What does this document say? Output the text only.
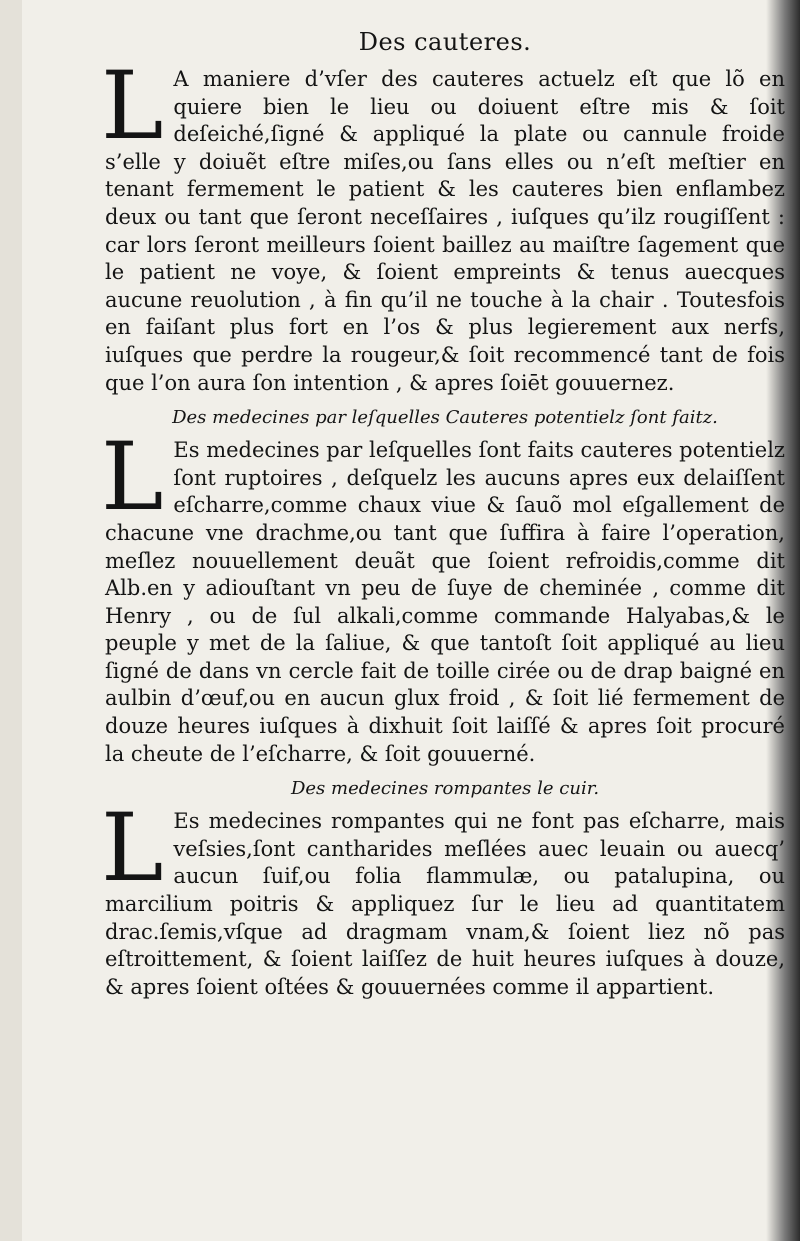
Des cauteres.

L A maniere d’vſer des cauteres actuelz eſt que lõ en quiere bien le lieu ou doiuent eſtre mis & ſoit deſeiché,ſigné & appliqué la plate ou cannule froide s’elle y doiuẽt eſtre miſes,ou ſans elles ou n’eſt meſtier en tenant fermement le patient & les cauteres bien enflambez deux ou tant que ſeront neceſſaires , iuſques qu’ilz rougiſſent : car lors ſeront meilleurs ſoient baillez au maiſtre ſagement que le patient ne voye, & ſoient empreints & tenus auecques aucune reuolution , à fin qu’il ne touche à la chair . Toutesfois en faiſant plus fort en l’os & plus legierement aux nerfs, iuſques que perdre la rougeur,& ſoit recommencé tant de fois que l’on aura ſon intention , & apres ſoiēt gouuernez.

Des medecines par leſquelles Cauteres potentielz ſont faitz.

L Es medecines par leſquelles ſont faits cauteres potentielz ſont ruptoires , deſquelz les aucuns apres eux delaiſſent eſcharre,comme chaux viue & ſauõ mol eſgallement de chacune vne drachme,ou tant que ſuffira à faire l’operation, meſlez nouuellement deuãt que ſoient refroidis,comme dit Alb.en y adiouſtant vn peu de ſuye de cheminée , comme dit Henry , ou de ſul alkali,comme commande Halyabas,& le peuple y met de la ſaliue, & que tantoſt ſoit appliqué au lieu ſigné de dans vn cercle fait de toille cirée ou de drap baigné en aulbin d’œuf,ou en aucun glux froid , & ſoit lié fermement de douze heures iuſques à dixhuit ſoit laiſſé & apres ſoit procuré la cheute de l’eſcharre, & ſoit gouuerné.

Des medecines rompantes le cuir.

L Es medecines rompantes qui ne font pas eſcharre, mais veſsies,ſont cantharides meſlées auec leuain ou auecq’ aucun ſuif,ou folia flammulæ, ou patalupina, ou marcilium poitris & appliquez ſur le lieu ad quantitatem drac.ſemis,vſque ad dragmam vnam,& ſoient liez nõ pas eſtroittement, & ſoient laiſſez de huit heures iuſques à douze, & apres ſoient oſtées & gouuernées comme il appartient.
